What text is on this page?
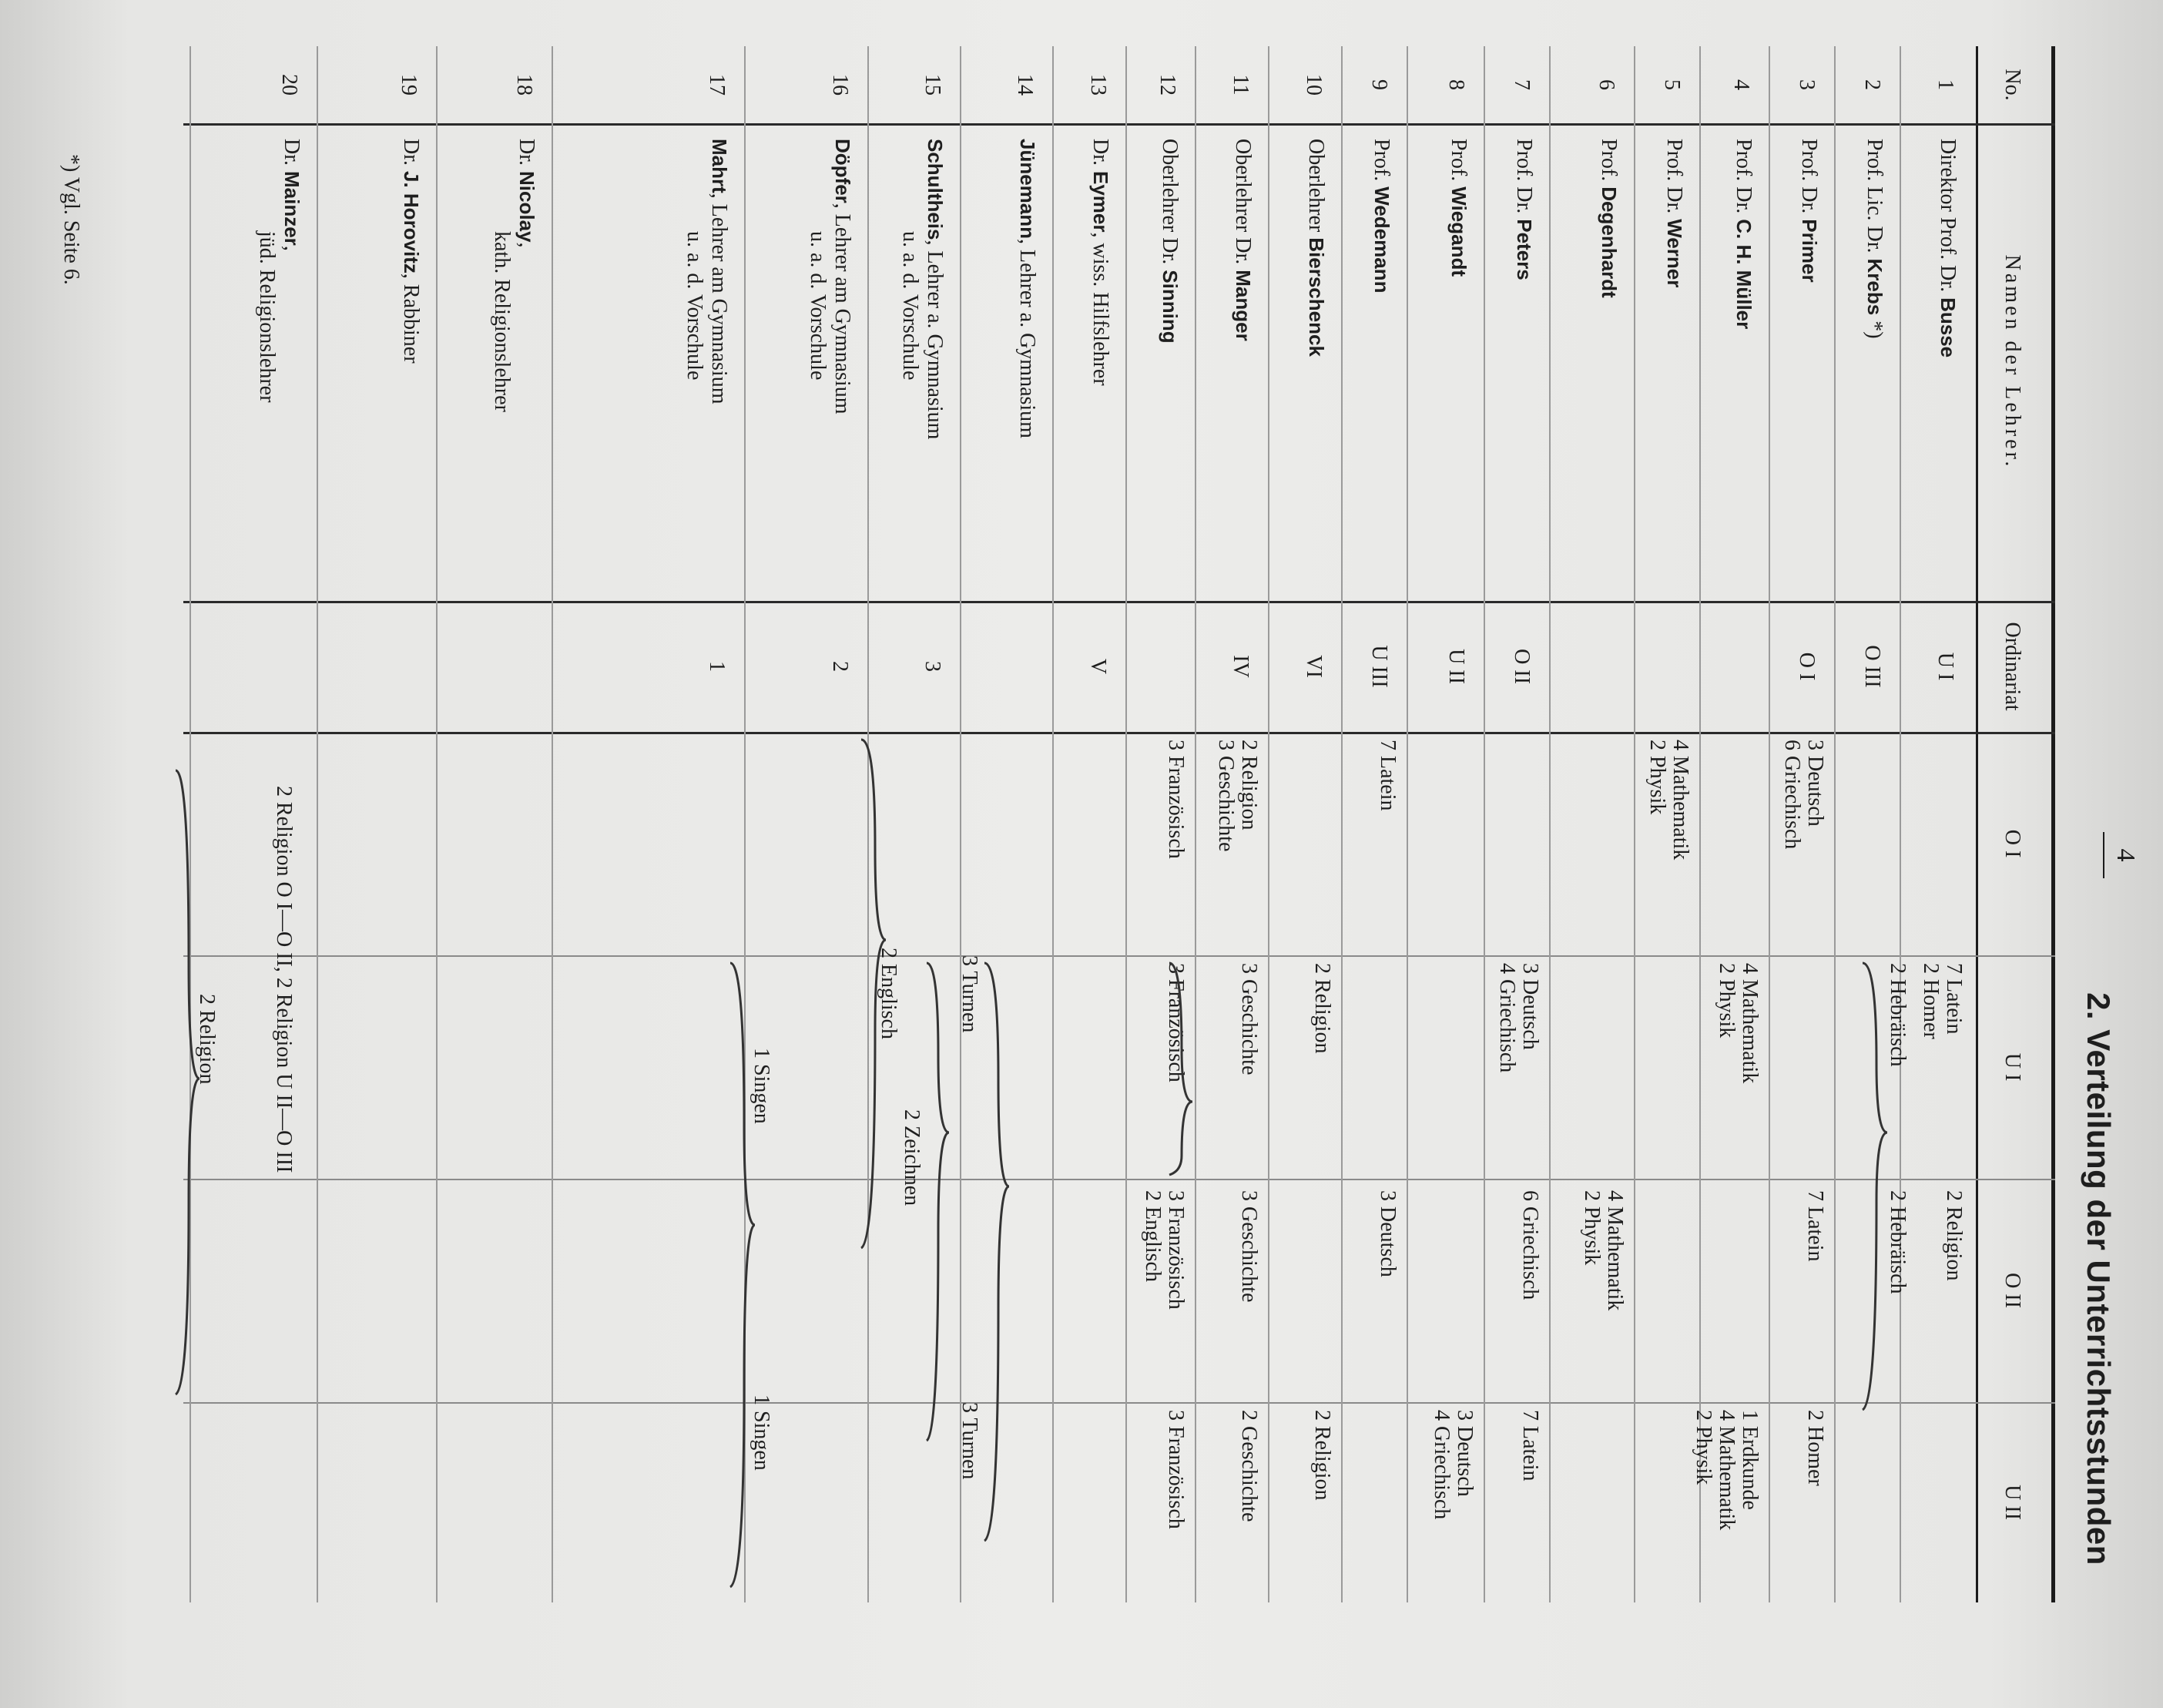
4
2. Verteilung der Unterrichtsstunden
No.
Namen der Lehrer.
Ordinariat
O I
U I
O II
U II
1
Direktor Prof. Dr. Busse
U I
2
Prof. Lic. Dr. Krebs *)
O III
3
Prof. Dr. Primer
O I
4
Prof. Dr. C. H. Müller
5
Prof. Dr. Werner
6
Prof. Degenhardt
7
Prof. Dr. Peters
O II
8
Prof. Wiegandt
U II
9
Prof. Wedemann
U III
10
Oberlehrer Bierschenck
VI
11
Oberlehrer Dr. Manger
IV
12
Oberlehrer Dr. Sinning
13
Dr. Eymer, wiss. Hilfslehrer
V
14
Jünemann, Lehrer a. Gymnasium
15
Schultheis, Lehrer a. Gymnasium
u. a. d. Vorschule
3
16
Döpfer, Lehrer am Gymnasium
u. a. d. Vorschule
2
17
Mahrt, Lehrer am Gymnasium
u. a. d. Vorschule
1
18
Dr. Nicolay,
kath. Religionslehrer
19
Dr. J. Horovitz, Rabbiner
20
Dr. Mainzer,
jüd. Religionslehrer
7 Latein
2 Homer
2 Religion
3 Deutsch
6 Griechisch
7 Latein
2 Homer
4 Mathematik
2 Physik
1 Erdkunde
4 Mathematik
2 Physik
4 Mathematik
2 Physik
4 Mathematik
2 Physik
3 Deutsch
4 Griechisch
6 Griechisch
7 Latein
3 Deutsch
4 Griechisch
7 Latein
3 Deutsch
2 Religion
2 Religion
2 Religion
3 Geschichte
3 Geschichte
3 Geschichte
2 Geschichte
3 Französisch
3 Französisch
3 Französisch
2 Englisch
3 Französisch
2 Hebräisch
2 Hebräisch
2 Zeichnen
3 Turnen
3 Turnen
1 Singen
1 Singen
2 Religion O I—O II, 2 Religion U II—O III
2 Religion	2 Englisch
*) Vgl. Seite 6.
